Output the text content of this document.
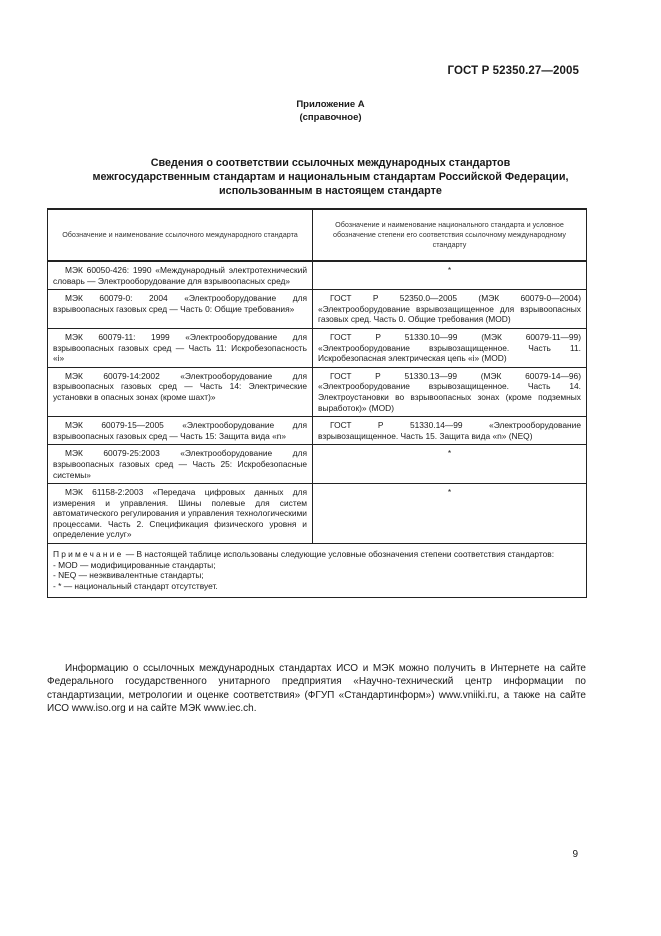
ГОСТ Р 52350.27—2005
Приложение А
(справочное)
Сведения о соответствии ссылочных международных стандартов
межгосударственным стандартам и национальным стандартам Российской Федерации,
использованным в настоящем стандарте
Обозначение и наименование ссылочного международного стандарта	Обозначение и наименование национального стандарта и условное обозначение степени его соответствия ссылочному международному стандарту
МЭК 60050-426: 1990 «Международный электротехнический словарь — Электрооборудование для взрывоопасных сред»	*
МЭК 60079-0: 2004 «Электрооборудование для взрывоопасных газовых сред — Часть 0: Общие требования»	ГОСТ Р 52350.0—2005 (МЭК 60079-0—2004) «Электрооборудование взрывозащищенное для взрывоопасных газовых сред. Часть 0. Общие требования (MOD)
МЭК 60079-11: 1999 «Электрооборудование для взрывоопасных газовых сред — Часть 11: Искробезопасность «i»	ГОСТ Р 51330.10—99 (МЭК 60079-11—99) «Электрооборудование взрывозащищенное. Часть 11. Искробезопасная электрическая цепь «i» (MOD)
МЭК 60079-14:2002 «Электрооборудование для взрывоопасных газовых сред — Часть 14: Электрические установки в опасных зонах (кроме шахт)»	ГОСТ Р 51330.13—99 (МЭК 60079-14—96) «Электрооборудование взрывозащищенное. Часть 14. Электроустановки во взрывоопасных зонах (кроме подземных выработок)» (MOD)
МЭК 60079-15—2005 «Электрооборудование для взрывоопасных газовых сред — Часть 15: Защита вида «n»	ГОСТ Р 51330.14—99 «Электрооборудование взрывозащищенное. Часть 15. Защита вида «n» (NEQ)
МЭК 60079-25:2003 «Электрооборудование для взрывоопасных газовых сред — Часть 25: Искробезопасные системы»	*
МЭК 61158-2:2003 «Передача цифровых данных для измерения и управления. Шины полевые для систем автоматического регулирования и управления технологическими процессами. Часть 2. Спецификация физического уровня и определение услуг»	*

Примечание — В настоящей таблице использованы следующие условные обозначения степени соответствия стандартов:
- MOD — модифицированные стандарты;
- NEQ — неэквивалентные стандарты;
- * — национальный стандарт отсутствует.	
Информацию о ссылочных международных стандартах ИСО и МЭК можно получить в Интернете на сайте Федерального государственного унитарного предприятия «Научно-технический центр информации по стандартизации, метрологии и оценке соответствия» (ФГУП «Стандартинформ») www.vniiki.ru, а также на сайте ИСО www.iso.org и на сайте МЭК www.iec.ch.
9
